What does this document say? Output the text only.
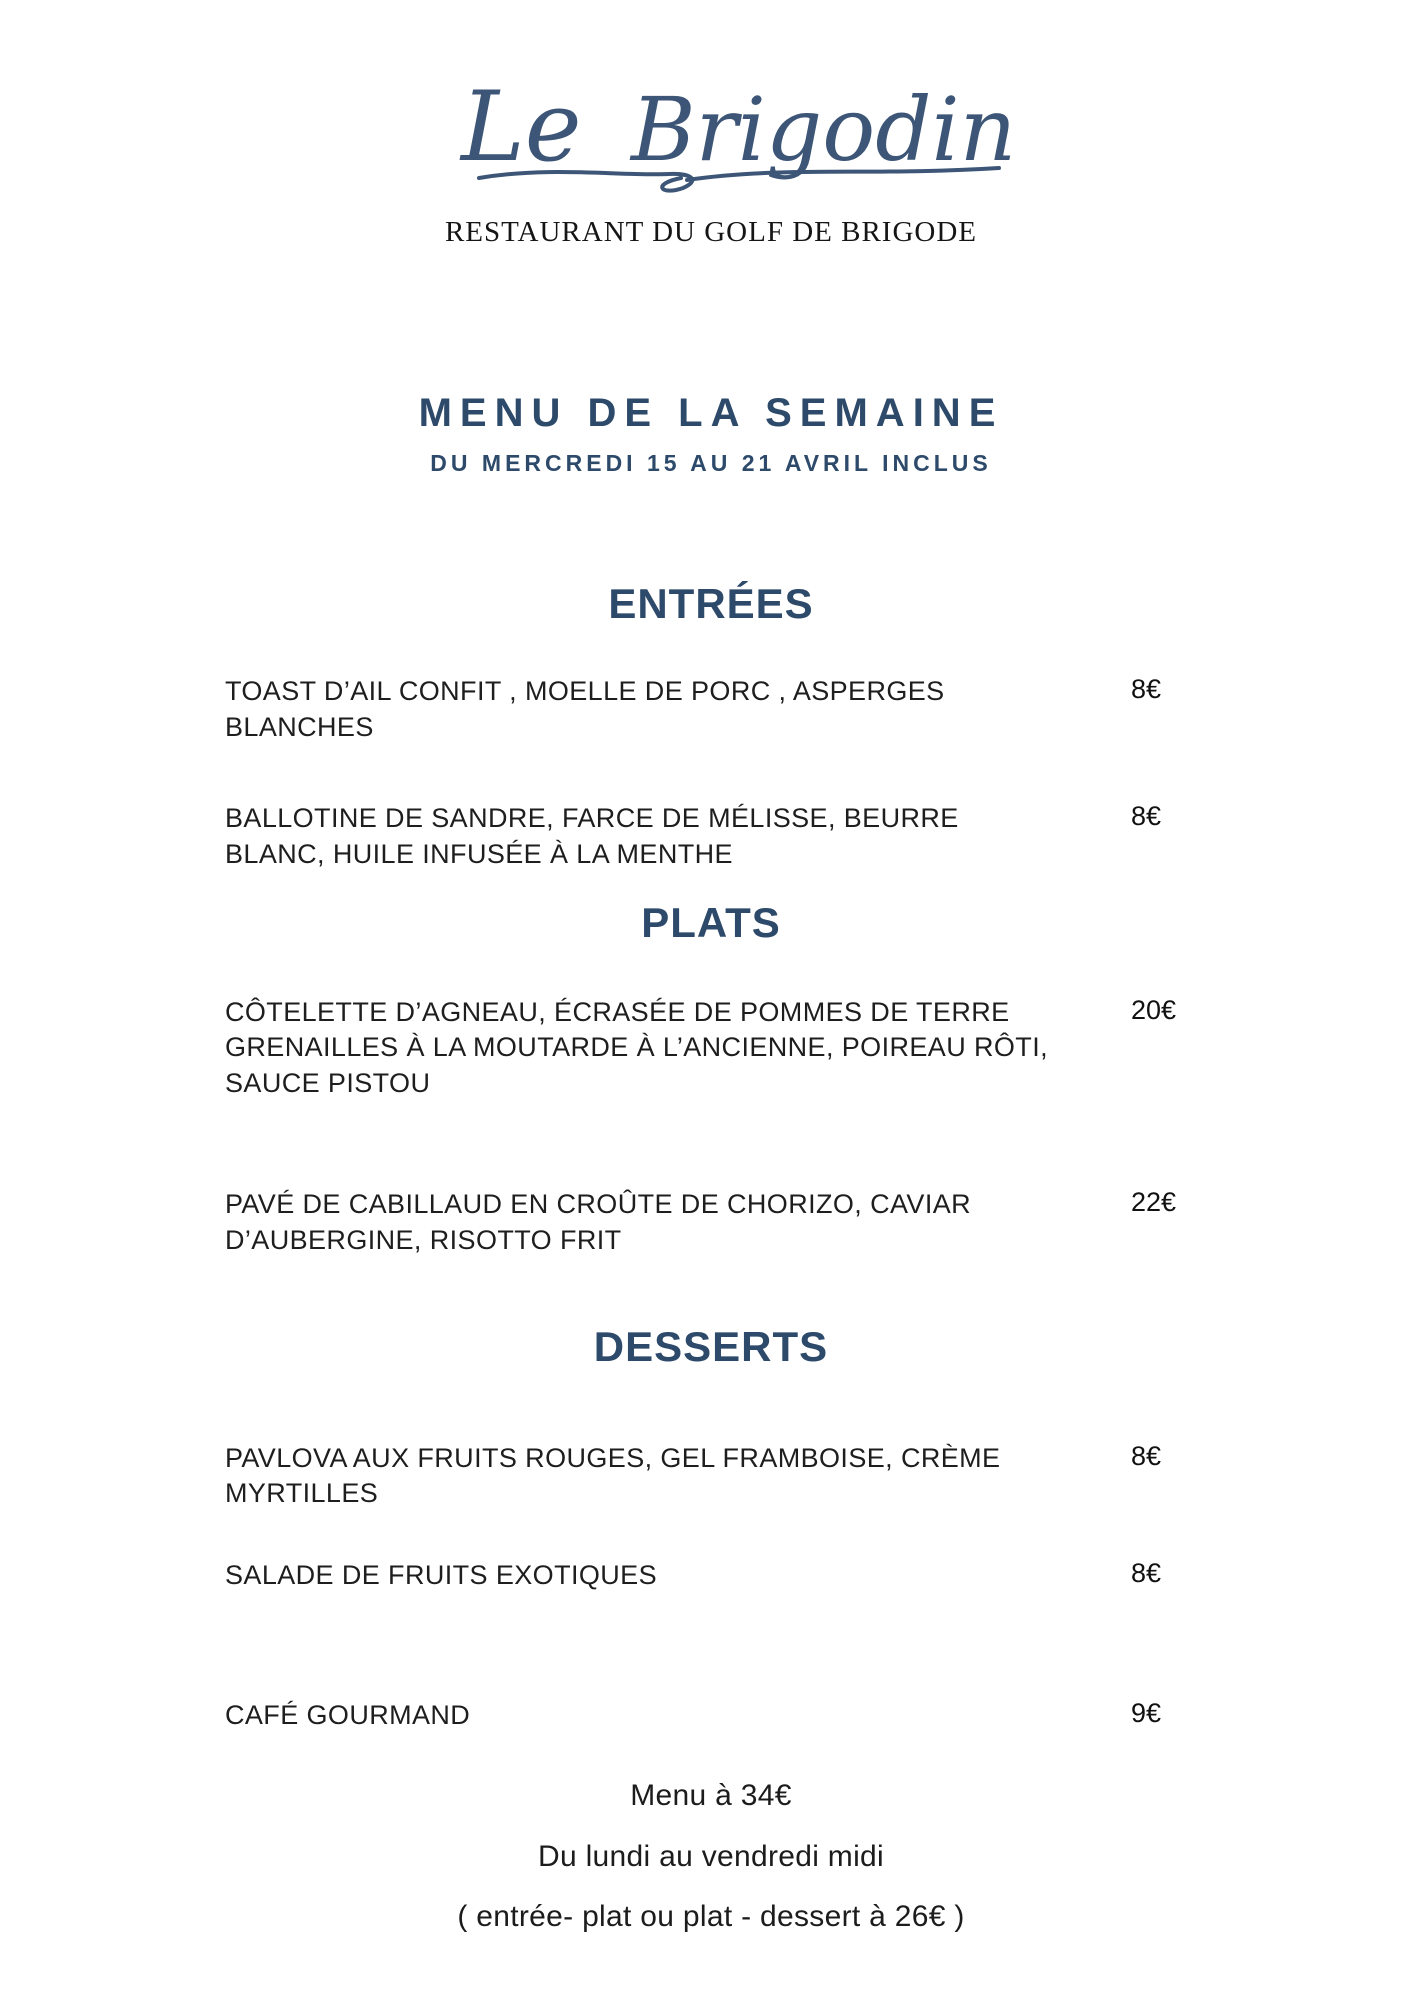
Le Brigodin
RESTAURANT DU GOLF DE BRIGODE
MENU DE LA SEMAINE
DU MERCREDI 15 AU 21 AVRIL INCLUS
ENTRÉES
TOAST D’AIL CONFIT , MOELLE DE PORC , ASPERGES BLANCHES
8€
BALLOTINE DE SANDRE, FARCE DE MÉLISSE, BEURRE BLANC, HUILE INFUSÉE À LA MENTHE
8€
PLATS
CÔTELETTE D’AGNEAU, ÉCRASÉE DE POMMES DE TERRE GRENAILLES À LA MOUTARDE À L’ANCIENNE, POIREAU RÔTI, SAUCE PISTOU
20€
PAVÉ DE CABILLAUD EN CROÛTE DE CHORIZO, CAVIAR D’AUBERGINE, RISOTTO FRIT
22€
DESSERTS
PAVLOVA AUX FRUITS ROUGES, GEL FRAMBOISE, CRÈME MYRTILLES
8€
SALADE DE FRUITS EXOTIQUES	8€
CAFÉ GOURMAND	9€
Menu à 34€
Du lundi au vendredi midi
( entrée- plat ou plat - dessert à 26€ )
